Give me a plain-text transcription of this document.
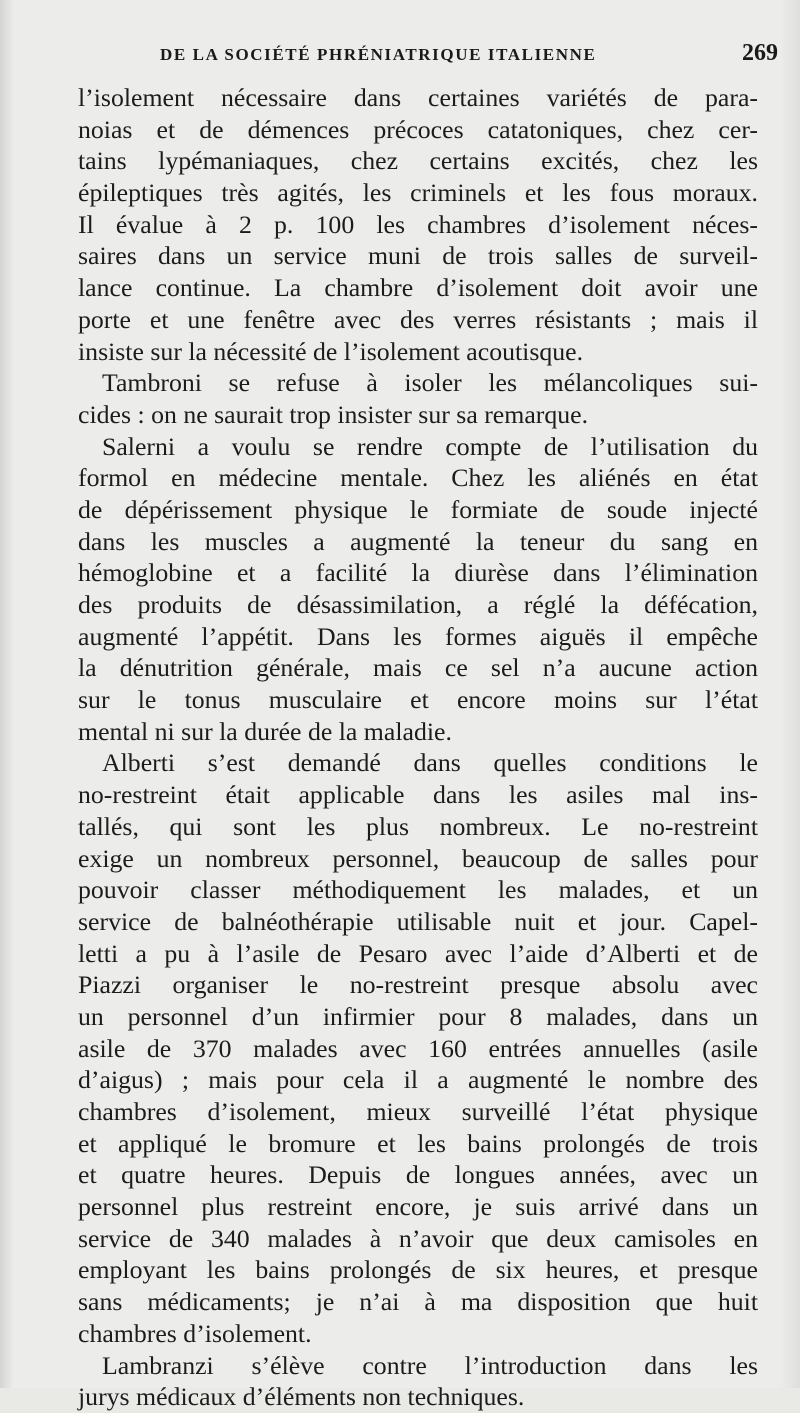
DE LA SOCIÉTÉ PHRÉNIATRIQUE ITALIENNE	269
l’isolement nécessaire dans certaines variétés de para-
noias et de démences précoces catatoniques, chez cer-
tains lypémaniaques, chez certains excités, chez les
épileptiques très agités, les criminels et les fous moraux.
Il évalue à 2 p. 100 les chambres d’isolement néces-
saires dans un service muni de trois salles de surveil-
lance continue. La chambre d’isolement doit avoir une
porte et une fenêtre avec des verres résistants ; mais il
insiste sur la nécessité de l’isolement acoutisque.
Tambroni se refuse à isoler les mélancoliques sui-
cides : on ne saurait trop insister sur sa remarque.
Salerni a voulu se rendre compte de l’utilisation du
formol en médecine mentale. Chez les aliénés en état
de dépérissement physique le formiate de soude injecté
dans les muscles a augmenté la teneur du sang en
hémoglobine et a facilité la diurèse dans l’élimination
des produits de désassimilation, a réglé la défécation,
augmenté l’appétit. Dans les formes aiguës il empêche
la dénutrition générale, mais ce sel n’a aucune action
sur le tonus musculaire et encore moins sur l’état
mental ni sur la durée de la maladie.
Alberti s’est demandé dans quelles conditions le
no-restreint était applicable dans les asiles mal ins-
tallés, qui sont les plus nombreux. Le no-restreint
exige un nombreux personnel, beaucoup de salles pour
pouvoir classer méthodiquement les malades, et un
service de balnéothérapie utilisable nuit et jour. Capel-
letti a pu à l’asile de Pesaro avec l’aide d’Alberti et de
Piazzi organiser le no-restreint presque absolu avec
un personnel d’un infirmier pour 8 malades, dans un
asile de 370 malades avec 160 entrées annuelles (asile
d’aigus) ; mais pour cela il a augmenté le nombre des
chambres d’isolement, mieux surveillé l’état physique
et appliqué le bromure et les bains prolongés de trois
et quatre heures. Depuis de longues années, avec un
personnel plus restreint encore, je suis arrivé dans un
service de 340 malades à n’avoir que deux camisoles en
employant les bains prolongés de six heures, et presque
sans médicaments; je n’ai à ma disposition que huit
chambres d’isolement.
Lambranzi s’élève contre l’introduction dans les
jurys médicaux d’éléments non techniques.
